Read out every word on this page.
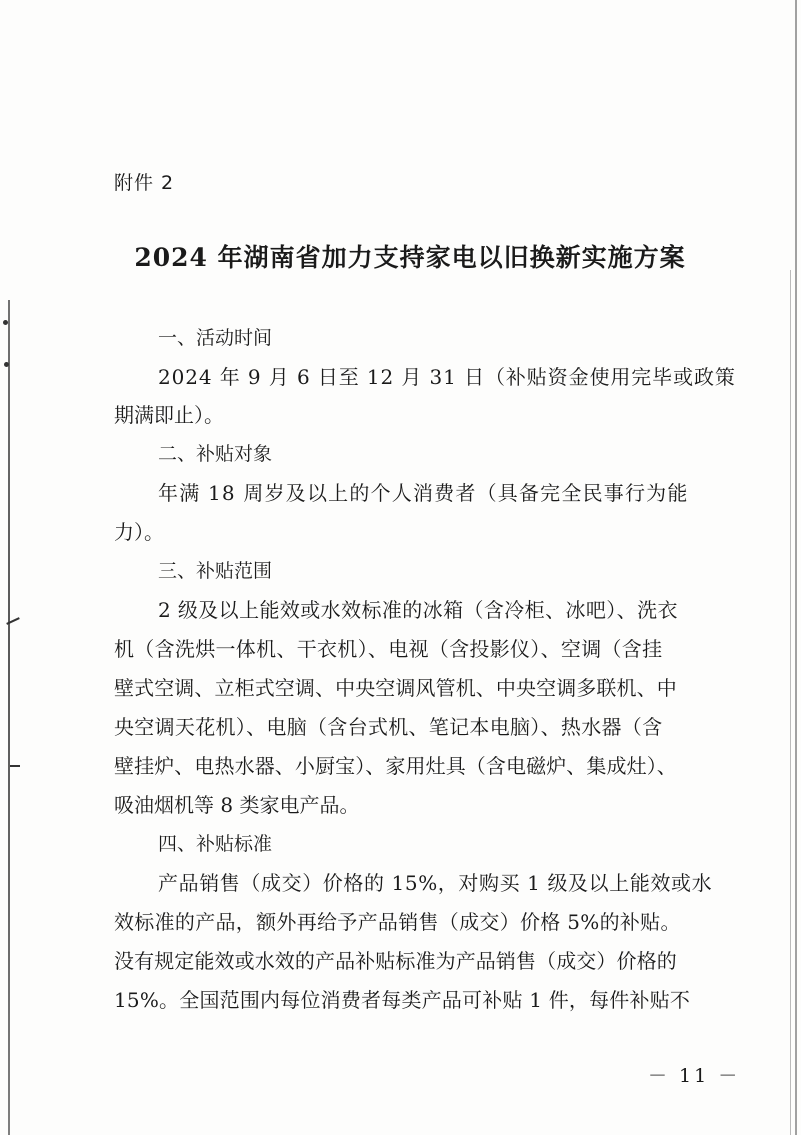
附件 2
2024 年湖南省加力支持家电以旧换新实施方案
一、活动时间
2024 年 9 月 6 日至 12 月 31 日（补贴资金使用完毕或政策
期满即止）。
二、补贴对象
年满 18 周岁及以上的个人消费者（具备完全民事行为能
力）。
三、补贴范围
2 级及以上能效或水效标准的冰箱（含冷柜、冰吧）、洗衣
机（含洗烘一体机、干衣机）、电视（含投影仪）、空调（含挂
壁式空调、立柜式空调、中央空调风管机、中央空调多联机、中
央空调天花机）、电脑（含台式机、笔记本电脑）、热水器（含
壁挂炉、电热水器、小厨宝）、家用灶具（含电磁炉、集成灶）、
吸油烟机等 8 类家电产品。
四、补贴标准
产品销售（成交）价格的 15%，对购买 1 级及以上能效或水
效标准的产品，额外再给予产品销售（成交）价格 5%的补贴。
没有规定能效或水效的产品补贴标准为产品销售（成交）价格的
15%。全国范围内每位消费者每类产品可补贴 1 件，每件补贴不
－ 11 －
